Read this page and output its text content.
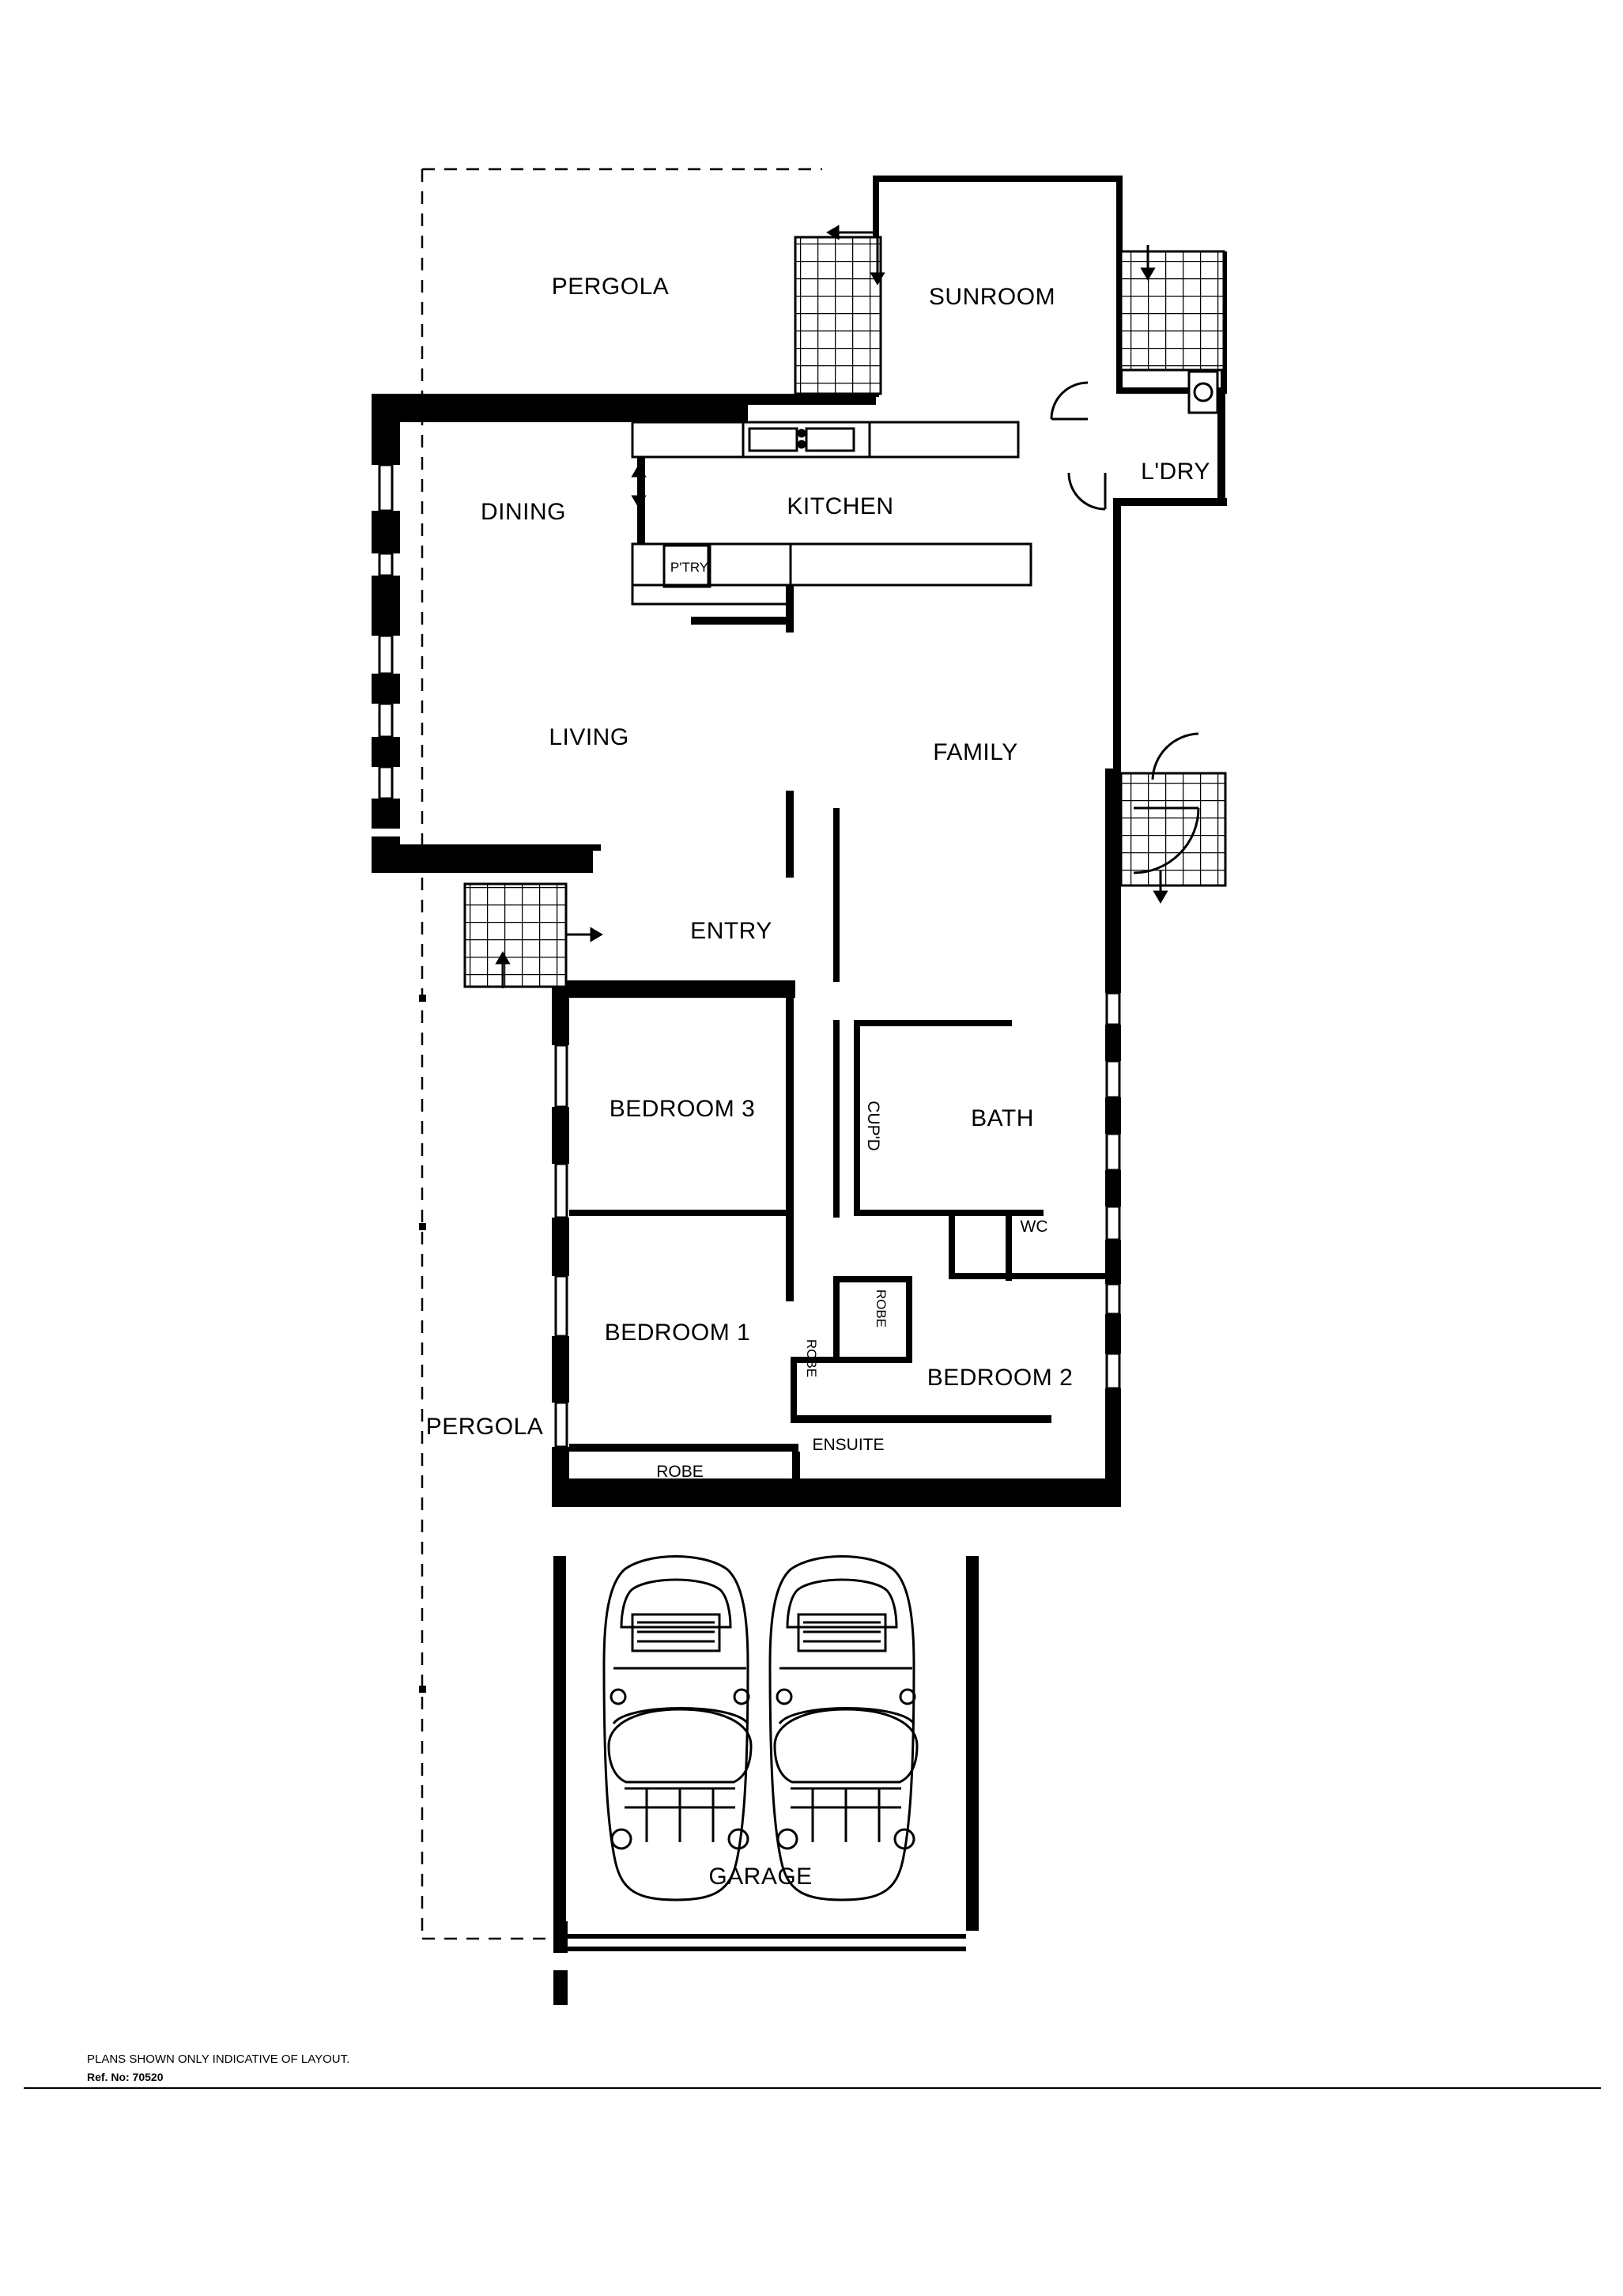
PERGOLA	SUNROOM
L'DRY
DINING	KITCHEN
P'TRY
LIVING
FAMILY
ENTRY
BEDROOM 3	CUP'D	BATH
WC
ROBE
ROBE
BEDROOM 1
BEDROOM 2
ENSUITE
ROBE
PERGOLA
GARAGE
PLANS SHOWN ONLY INDICATIVE OF LAYOUT.
Ref. No: 70520
